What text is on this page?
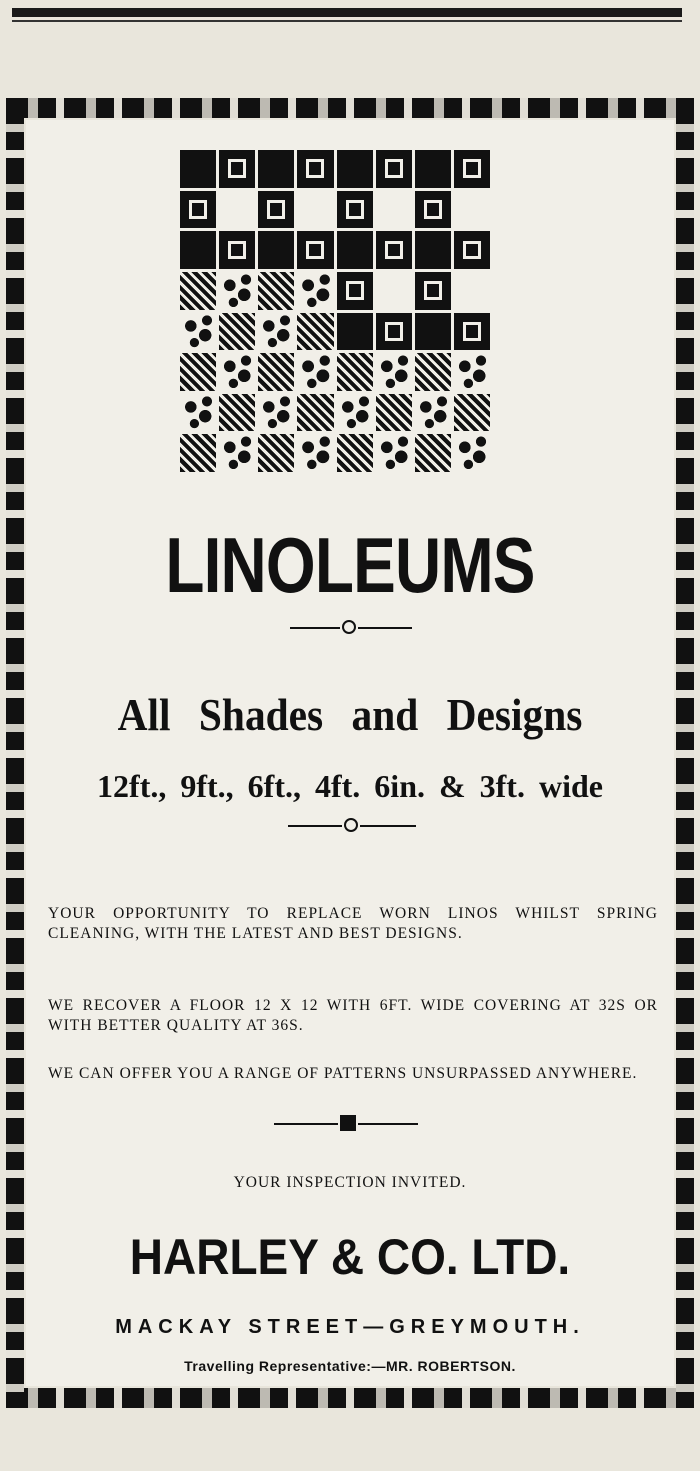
LINOLEUMS
All Shades and Designs
12ft., 9ft., 6ft., 4ft. 6in. & 3ft. wide

YOUR OPPORTUNITY TO REPLACE WORN LINOS WHILST SPRING CLEANING, WITH THE LATEST AND BEST DESIGNS.

WE RECOVER A FLOOR 12 X 12 WITH 6FT. WIDE COVERING AT 32S OR WITH BETTER QUALITY AT 36S.

WE CAN OFFER YOU A RANGE OF PATTERNS UNSURPASSED ANYWHERE.

YOUR INSPECTION INVITED.
HARLEY & CO. LTD.
MACKAY STREET—GREYMOUTH.
Travelling Representative:—MR. ROBERTSON.
